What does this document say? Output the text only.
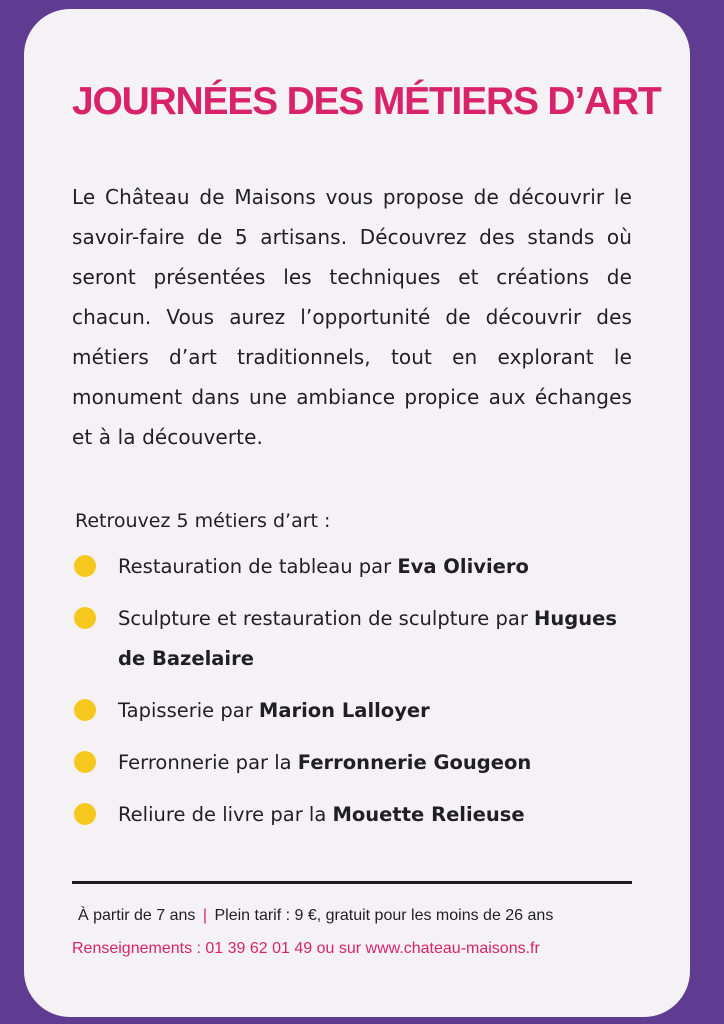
JOURNÉES DES MÉTIERS D’ART

Le Château de Maisons vous propose de découvrir le savoir-faire de 5 artisans. Découvrez des stands où seront présentées les techniques et créations de chacun. Vous aurez l’opportunité de découvrir des métiers d’art traditionnels, tout en explorant le monument dans une ambiance propice aux échanges et à la découverte.

Retrouvez 5 métiers d’art :

Restauration de tableau par Eva Oliviero
Sculpture et restauration de sculpture par Hugues de Bazelaire
Tapisserie par Marion Lalloyer
Ferronnerie par la Ferronnerie Gougeon
Reliure de livre par la Mouette Relieuse

À partir de 7 ans | Plein tarif : 9 €, gratuit pour les moins de 26 ans

Renseignements : 01 39 62 01 49 ou sur www.chateau-maisons.fr
